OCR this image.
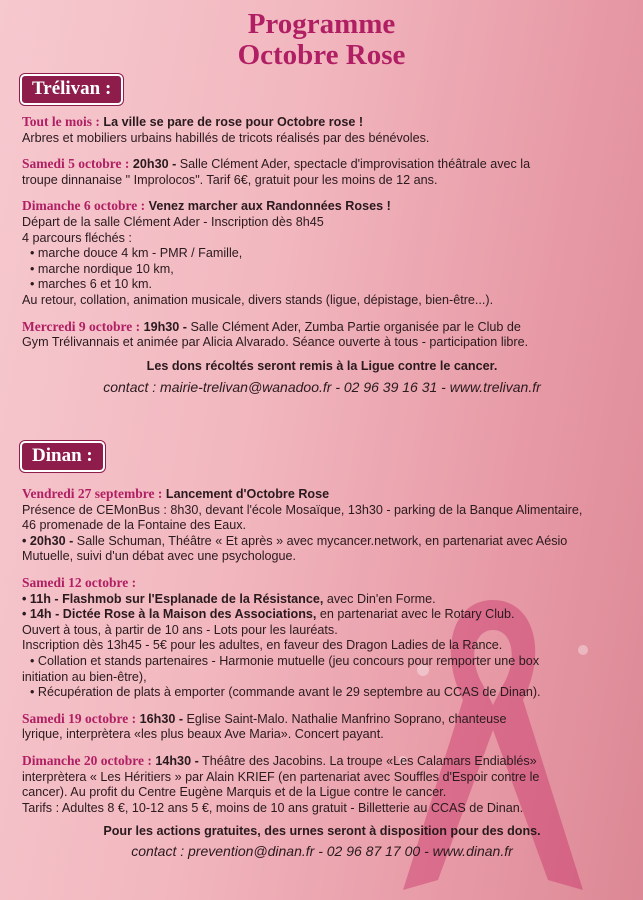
Programme
Octobre Rose
Trélivan :
Tout le mois : La ville se pare de rose pour Octobre rose !
Arbres et mobiliers urbains habillés de tricots réalisés par des bénévoles.
Samedi 5 octobre : 20h30 - Salle Clément Ader, spectacle d'improvisation théâtrale avec la
troupe dinnanaise " Improlocos". Tarif 6€, gratuit pour les moins de 12 ans.
Dimanche 6 octobre : Venez marcher aux Randonnées Roses !
Départ de la salle Clément Ader - Inscription dès 8h45
4 parcours fléchés :
• marche douce 4 km - PMR / Famille,
• marche nordique 10 km,
• marches 6 et 10 km.
Au retour, collation, animation musicale, divers stands (ligue, dépistage, bien-être...).
Mercredi 9 octobre : 19h30 - Salle Clément Ader, Zumba Partie organisée par le Club de
Gym Trélivannais et animée par Alicia Alvarado. Séance ouverte à tous - participation libre.
Les dons récoltés seront remis à la Ligue contre le cancer.
contact : mairie-trelivan@wanadoo.fr - 02 96 39 16 31 - www.trelivan.fr
Dinan :
Vendredi 27 septembre : Lancement d'Octobre Rose
Présence de CEMonBus : 8h30, devant l'école Mosaïque, 13h30 - parking de la Banque Alimentaire,
46 promenade de la Fontaine des Eaux.
• 20h30 - Salle Schuman, Théâtre « Et après » avec mycancer.network, en partenariat avec Aésio
Mutuelle, suivi d'un débat avec une psychologue.
Samedi 12 octobre :
• 11h - Flashmob sur l'Esplanade de la Résistance, avec Din'en Forme.
• 14h - Dictée Rose à la Maison des Associations, en partenariat avec le Rotary Club.
Ouvert à tous, à partir de 10 ans - Lots pour les lauréats.
Inscription dès 13h45 - 5€ pour les adultes, en faveur des Dragon Ladies de la Rance.
• Collation et stands partenaires - Harmonie mutuelle (jeu concours pour remporter une box
initiation au bien-être),
• Récupération de plats à emporter (commande avant le 29 septembre au CCAS de Dinan).
Samedi 19 octobre : 16h30 - Eglise Saint-Malo. Nathalie Manfrino Soprano, chanteuse
lyrique, interprètera «les plus beaux Ave Maria». Concert payant.
Dimanche 20 octobre : 14h30 - Théâtre des Jacobins. La troupe «Les Calamars Endiablés»
interprètera « Les Héritiers » par Alain KRIEF (en partenariat avec Souffles d'Espoir contre le
cancer). Au profit du Centre Eugène Marquis et de la Ligue contre le cancer.
Tarifs : Adultes 8 €, 10-12 ans 5 €, moins de 10 ans gratuit - Billetterie au CCAS de Dinan.
Pour les actions gratuites, des urnes seront à disposition pour des dons.
contact : prevention@dinan.fr - 02 96 87 17 00 - www.dinan.fr
